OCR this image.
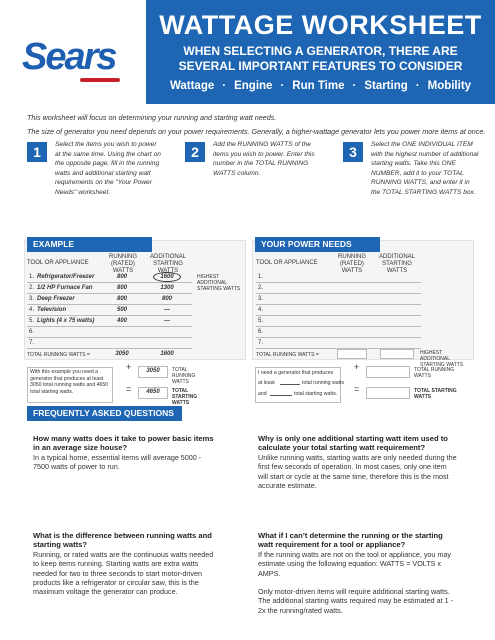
Sears
WATTAGE WORKSHEET
WHEN SELECTING A GENERATOR, THERE ARE SEVERAL IMPORTANT FEATURES TO CONSIDER
Wattage · Engine · Run Time · Starting · Mobility
This worksheet will focus on determining your running and starting watt needs.
The size of generator you need depends on your power requirements. Generally, a higher-wattage generator lets you power more items at once.
1	Select the items you wish to power at the same time. Using the chart on the opposite page, fill in the running watts and additional starting watt requirements on the "Your Power Needs" worksheet.
2	Add the RUNNING WATTS of the items you wish to power. Enter this number in the TOTAL RUNNING WATTS column.
3	Select the ONE INDIVIDUAL ITEM with the highest number of additional starting watts. Take this ONE NUMBER, add it to your TOTAL RUNNING WATTS, and enter it in the TOTAL STARTING WATTS box.
EXAMPLE
TOOL OR APPLIANCE
RUNNING (RATED) WATTS
ADDITIONAL STARTING WATTS
1. Refrigerator/Freezer	800	1600
2. 1/2 HP Furnace Fan	800	1300
3. Deep Freezer	800	800
4. Television	500	—
5. Lights (4 x 75 watts)	400	—
6.
7.
HIGHEST ADDITIONAL STARTING WATTS
TOTAL RUNNING WATTS =	3050	1600
YOUR POWER NEEDS
TOOL OR APPLIANCE
RUNNING (RATED) WATTS
ADDITIONAL STARTING WATTS
1.
2.
3.
4.
5.
6.
7.
TOTAL RUNNING WATTS =	HIGHEST ADDITIONAL STARTING WATTS
With this example you need a generator that produces at least 3050 total running watts and 4650 total starting watts.
+
=
3050	TOTAL RUNNING WATTS
4650	TOTAL STARTING WATTS
I need a generator that produces
at least	total running watts
and	total starting watts.
+
=
TOTAL RUNNING WATTS
TOTAL STARTING WATTS
FREQUENTLY ASKED QUESTIONS
How many watts does it take to power basic items in an average size house?
In a typical home, essential items will average 5000 - 7500 watts of power to run.
Why is only one additional starting watt item used to calculate your total starting watt requirement?
Unlike running watts, starting watts are only needed during the first few seconds of operation. In most cases, only one item will start or cycle at the same time, therefore this is the most accurate estimate.
What is the difference between running watts and starting watts?
Running, or rated watts are the continuous watts needed to keep items running. Starting watts are extra watts needed for two to three seconds to start motor-driven products like a refrigerator or circular saw, this is the maximum voltage the generator can produce.
What if I can’t determine the running or the starting watt requirement for a tool or appliance?
If the running watts are not on the tool or appliance, you may estimate using the following equation: WATTS = VOLTS x AMPS.
Only motor-driven items will require additional starting watts. The additional starting watts required may be estimated at 1 - 2x the running/rated watts.
